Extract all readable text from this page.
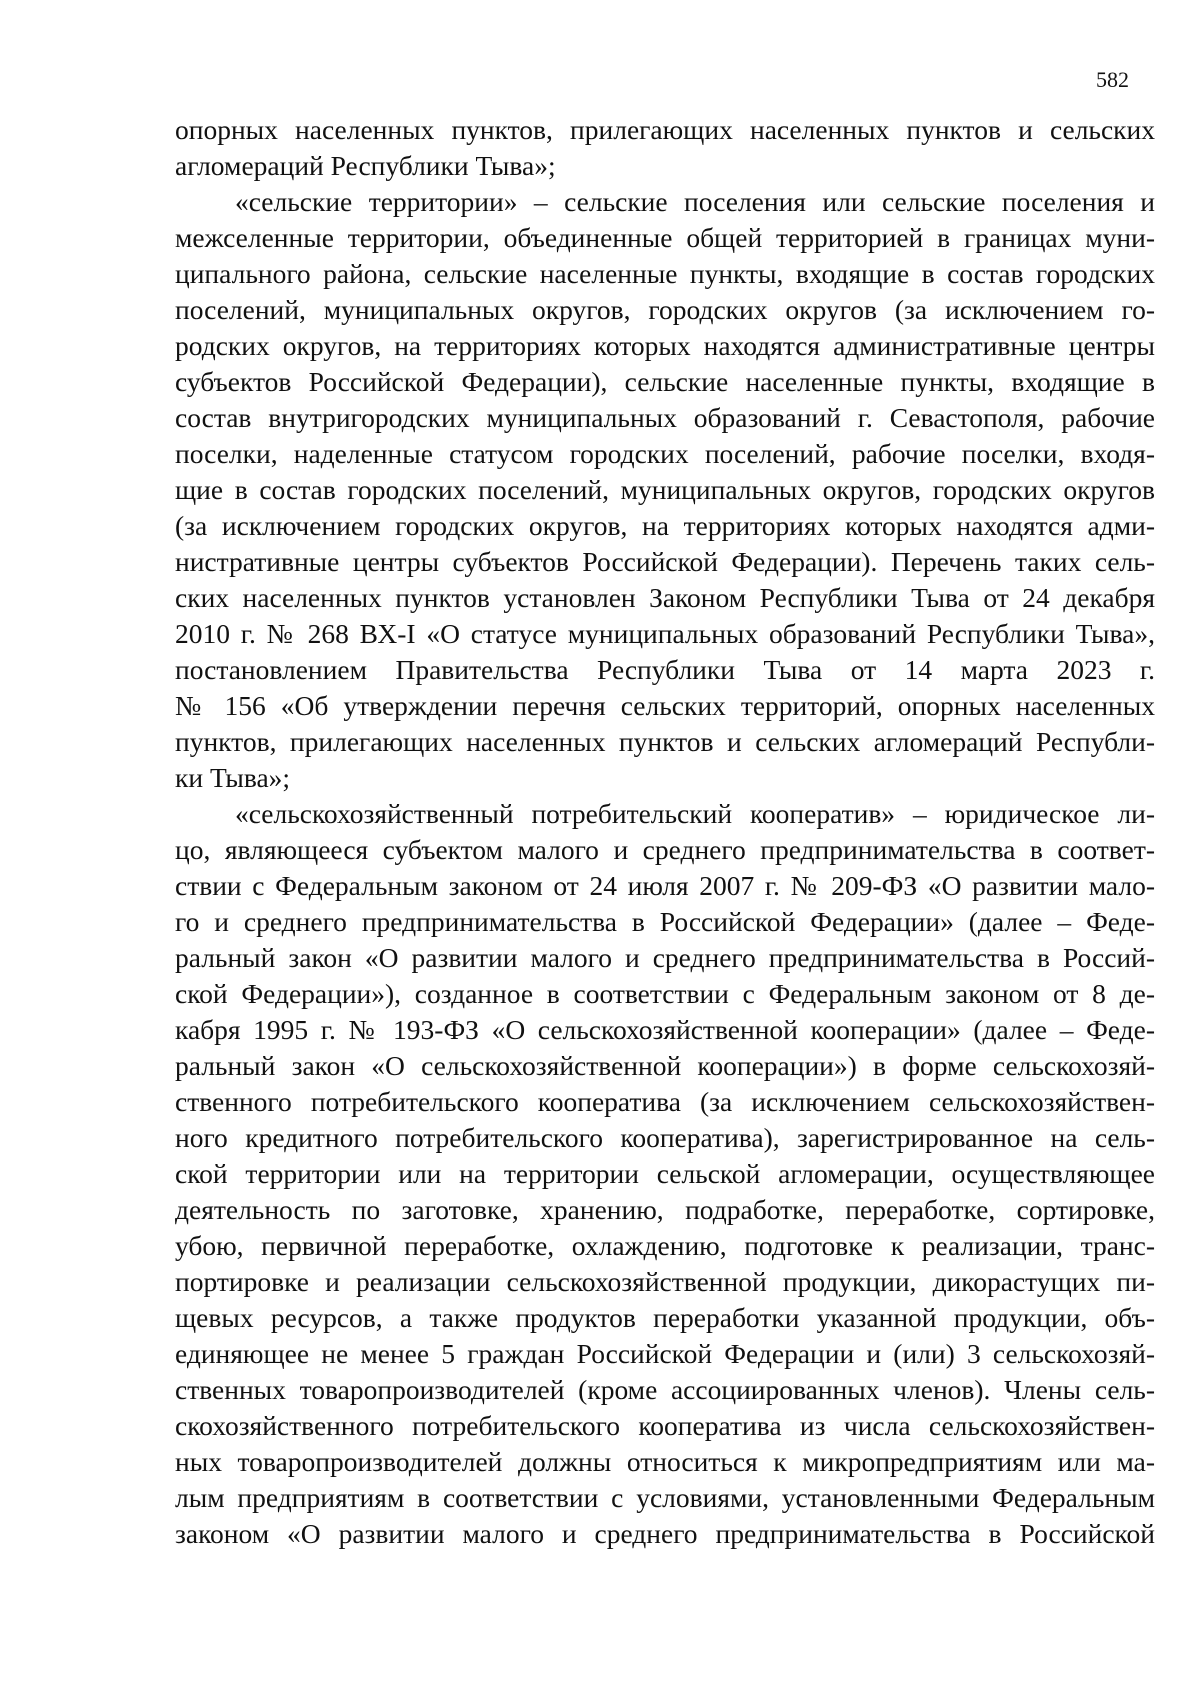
582

опорных населенных пунктов, прилегающих населенных пунктов и сельских
агломераций Республики Тыва»;

«сельские территории» – сельские поселения или сельские поселения и
межселенные территории, объединенные общей территорией в границах муни-
ципального района, сельские населенные пункты, входящие в состав городских
поселений, муниципальных округов, городских округов (за исключением го-
родских округов, на территориях которых находятся административные центры
субъектов Российской Федерации), сельские населенные пункты, входящие в
состав внутригородских муниципальных образований г. Севастополя, рабочие
поселки, наделенные статусом городских поселений, рабочие поселки, входя-
щие в состав городских поселений, муниципальных округов, городских округов
(за исключением городских округов, на территориях которых находятся адми-
нистративные центры субъектов Российской Федерации). Перечень таких сель-
ских населенных пунктов установлен Законом Республики Тыва от 24 декабря
2010 г. № 268 ВХ-I «О статусе муниципальных образований Республики Тыва»,
постановлением Правительства Республики Тыва от 14 марта 2023 г.
№ 156 «Об утверждении перечня сельских территорий, опорных населенных
пунктов, прилегающих населенных пунктов и сельских агломераций Республи-
ки Тыва»;

«сельскохозяйственный потребительский кооператив» – юридическое ли-
цо, являющееся субъектом малого и среднего предпринимательства в соответ-
ствии с Федеральным законом от 24 июля 2007 г. № 209-ФЗ «О развитии мало-
го и среднего предпринимательства в Российской Федерации» (далее – Феде-
ральный закон «О развитии малого и среднего предпринимательства в Россий-
ской Федерации»), созданное в соответствии с Федеральным законом от 8 де-
кабря 1995 г. № 193-ФЗ «О сельскохозяйственной кооперации» (далее – Феде-
ральный закон «О сельскохозяйственной кооперации») в форме сельскохозяй-
ственного потребительского кооператива (за исключением сельскохозяйствен-
ного кредитного потребительского кооператива), зарегистрированное на сель-
ской территории или на территории сельской агломерации, осуществляющее
деятельность по заготовке, хранению, подработке, переработке, сортировке,
убою, первичной переработке, охлаждению, подготовке к реализации, транс-
портировке и реализации сельскохозяйственной продукции, дикорастущих пи-
щевых ресурсов, а также продуктов переработки указанной продукции, объ-
единяющее не менее 5 граждан Российской Федерации и (или) 3 сельскохозяй-
ственных товаропроизводителей (кроме ассоциированных членов). Члены сель-
скохозяйственного потребительского кооператива из числа сельскохозяйствен-
ных товаропроизводителей должны относиться к микропредприятиям или ма-
лым предприятиям в соответствии с условиями, установленными Федеральным
законом «О развитии малого и среднего предпринимательства в Российской
